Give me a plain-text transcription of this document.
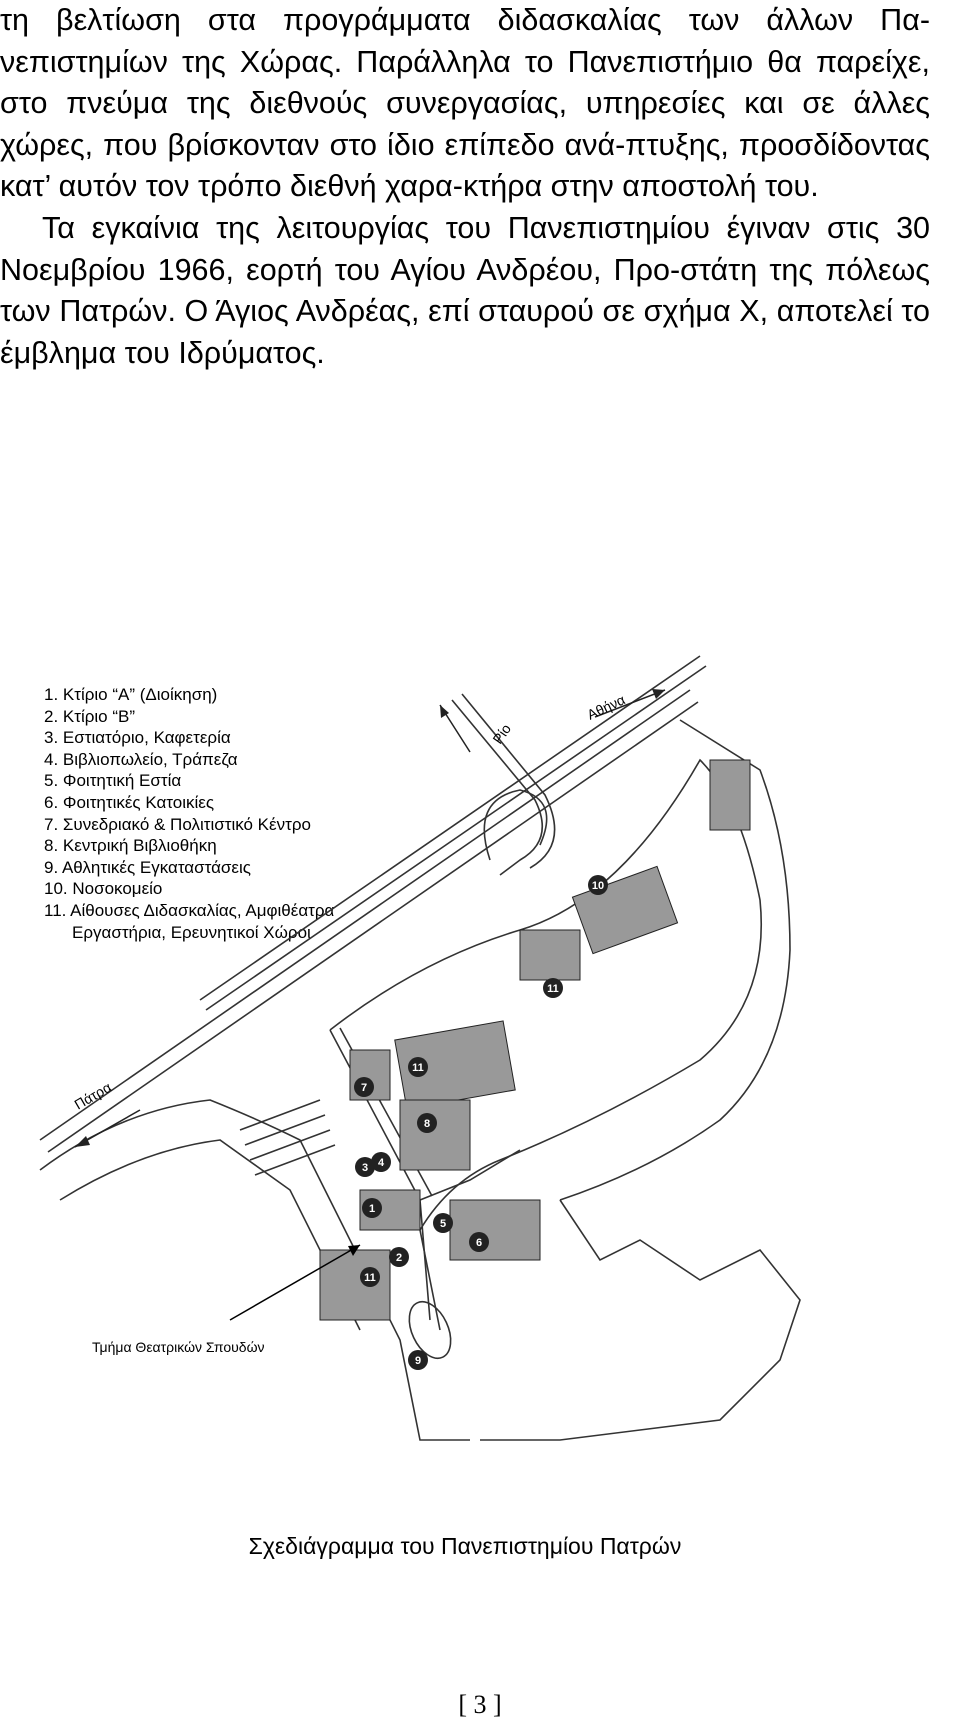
τη βελτίωση στα προγράμματα διδασκαλίας των άλλων Πα-νεπιστημίων της Χώρας. Παράλληλα το Πανεπιστήμιο θα παρείχε, στο πνεύμα της διεθνούς συνεργασίας, υπηρεσίες και σε άλλες χώρες, που βρίσκονταν στο ίδιο επίπεδο ανά-πτυξης, προσδίδοντας κατ’ αυτόν τον τρόπο διεθνή χαρα-κτήρα στην αποστολή του.

Τα εγκαίνια της λειτουργίας του Πανεπιστημίου έγιναν στις 30 Νοεμβρίου 1966, εορτή του Αγίου Ανδρέου, Προ-στάτη της πόλεως των Πατρών. Ο Άγιος Ανδρέας, επί σταυρού σε σχήμα Χ, αποτελεί το έμβλημα του Ιδρύματος.

1. Κτίριο “Α” (Διοίκηση)
2. Κτίριο “Β”
3. Εστιατόριο, Καφετερία
4. Βιβλιοπωλείο, Τράπεζα
5. Φοιτητική Εστία
6. Φοιτητικές Κατοικίες
7. Συνεδριακό & Πολιτιστικό Κέντρο
8. Κεντρική Βιβλιοθήκη
9. Αθλητικές Εγκαταστάσεις
10. Νοσοκομείο
11. Αίθουσες Διδασκαλίας, Αμφιθέατρα
Εργαστήρια, Ερευνητικοί Χώροι
10
11
11
7
8
3 4
1
5
6
2
11
9
Αθήνα
Ρίο
Πάτρα
Τμήμα Θεατρικών Σπουδών
Σχεδιάγραμμα του Πανεπιστημίου Πατρών
[ 3 ]
